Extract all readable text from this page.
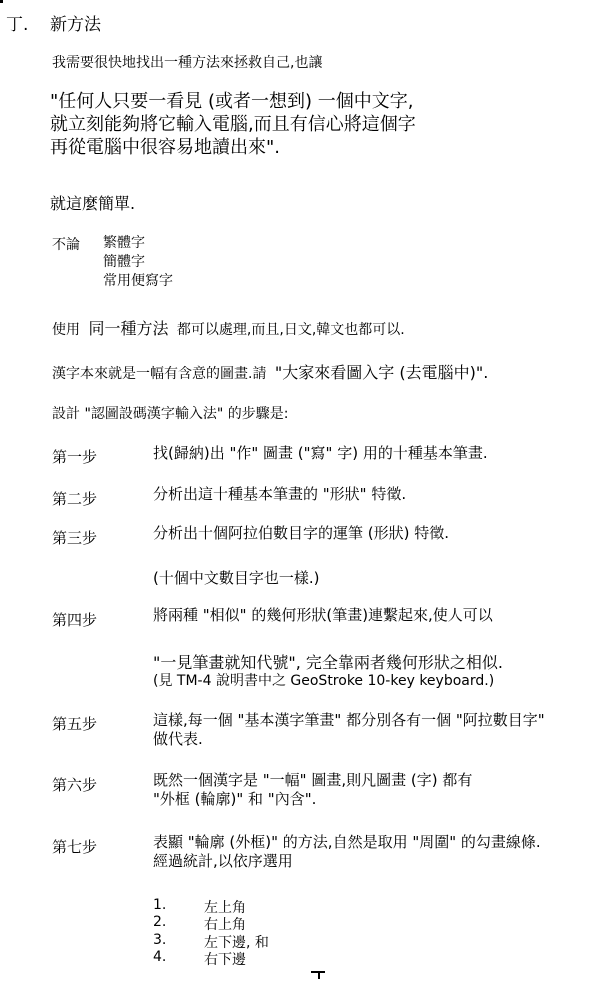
丁. 新方法
我需要很快地找出一種方法來拯救自己,也讓
"任何人只要一看見 (或者一想到) 一個中文字,
就立刻能夠將它輸入電腦,而且有信心將這個字
再從電腦中很容易地讀出來".
就這麼簡單.
不論 繁體字
簡體字
常用便寫字
使用 同一種方法 都可以處理,而且,日文,韓文也都可以.
漢字本來就是一幅有含意的圖畫.請 "大家來看圖入字 (去電腦中)".
設計 "認圖設碼漢字輸入法" 的步驟是:
第一步	找(歸納)出 "作" 圖畫 ("寫" 字) 用的十種基本筆畫.
第二步	分析出這十種基本筆畫的 "形狀" 特徵.
第三步	分析出十個阿拉伯數目字的運筆 (形狀) 特徵.
(十個中文數目字也一樣.)
第四步	將兩種 "相似" 的幾何形狀(筆畫)連繫起來,使人可以
"一見筆畫就知代號", 完全靠兩者幾何形狀之相似.
(見 TM-4 說明書中之 GeoStroke 10-key keyboard.)
第五步	這樣,每一個 "基本漢字筆畫" 都分別各有一個 "阿拉數目字"
做代表.
第六步	既然一個漢字是 "一幅" 圖畫,則凡圖畫 (字) 都有
"外框 (輪廓)" 和 "內含".
第七步	表顯 "輪廓 (外框)" 的方法,自然是取用 "周圍" 的勾畫線條.
經過統計,以依序選用
1.	左上角
2.	右上角
3.	左下邊, 和
4.	右下邊
